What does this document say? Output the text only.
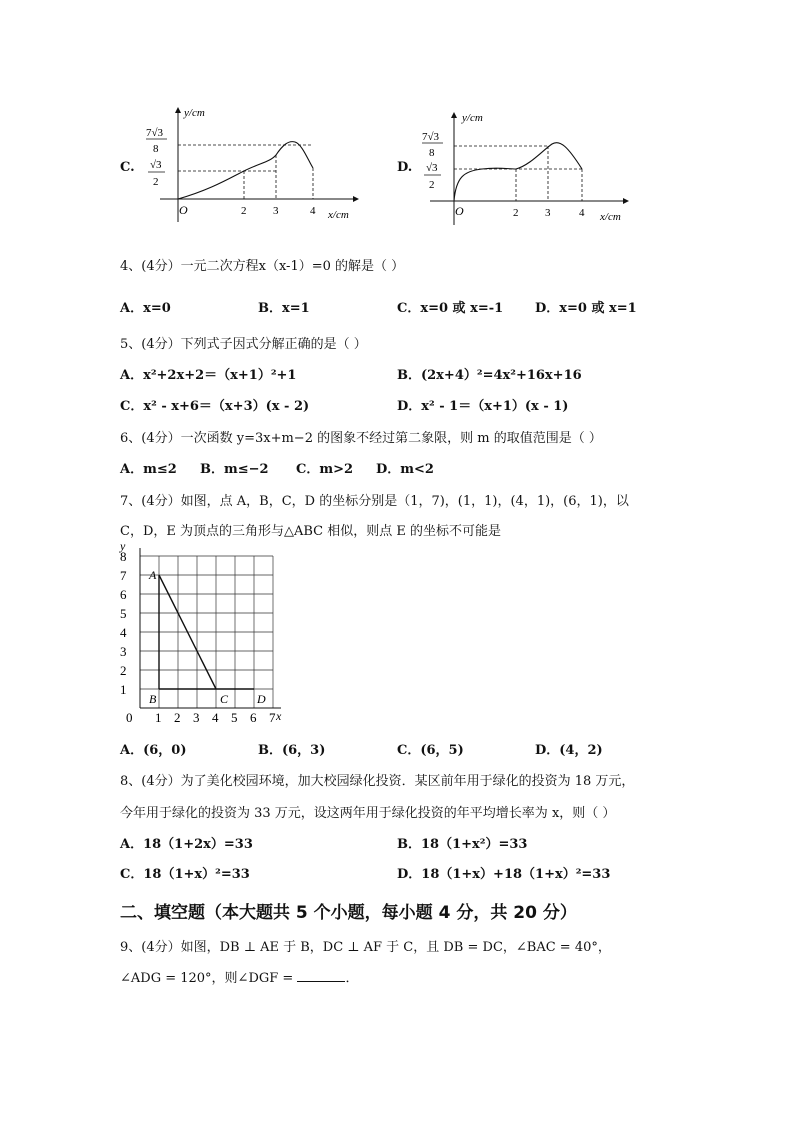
C.
y/cm
x/cm
O
7√3
8
√3
2
2 3	4
D.
y/cm
x/cm
O
7√3
8
√3
2
2 3	4
4、(4分）一元二次方程x（x-1）=0 的解是（ ）
A．x=0	B．x=1	C．x=0 或 x=-1 D．x=0 或 x=1
5、(4分）下列式子因式分解正确的是（ ）
A．x²+2x+2＝（x+1）²+1	B．(2x+4）²=4x²+16x+16
C．x² - x+6＝（x+3）(x - 2)	D．x² - 1＝（x+1）(x - 1)
6、(4分）一次函数 y=3x+m−2 的图象不经过第二象限，则 m 的取值范围是（ ）
A．m≤2 B．m≤−2 C．m>2 D．m<2
7、(4分）如图，点 A，B，C，D 的坐标分别是（1，7)，(1，1)，(4，1)，(6，1)，以
C，D，E 为顶点的三角形与△ABC 相似，则点 E 的坐标不可能是
0 1 2 3 4 5 6 7
1
2
3
4
5
6
7
8
x
y
A
B	C D
A．(6，0)	B．(6，3)	C．(6，5)	D．(4，2)
8、(4分）为了美化校园环境，加大校园绿化投资．某区前年用于绿化的投资为 18 万元，
今年用于绿化的投资为 33 万元，设这两年用于绿化投资的年平均增长率为 x，则（ ）
A．18（1+2x）=33	B．18（1+x²）=33
C．18（1+x）²=33	D．18（1+x）+18（1+x）²=33
二、填空题（本大题共 5 个小题，每小题 4 分，共 20 分）
9、(4分）如图，DB ⊥ AE 于 B，DC ⊥ AF 于 C，且 DB = DC，∠BAC = 40°，
∠ADG = 120°，则∠DGF =	．
